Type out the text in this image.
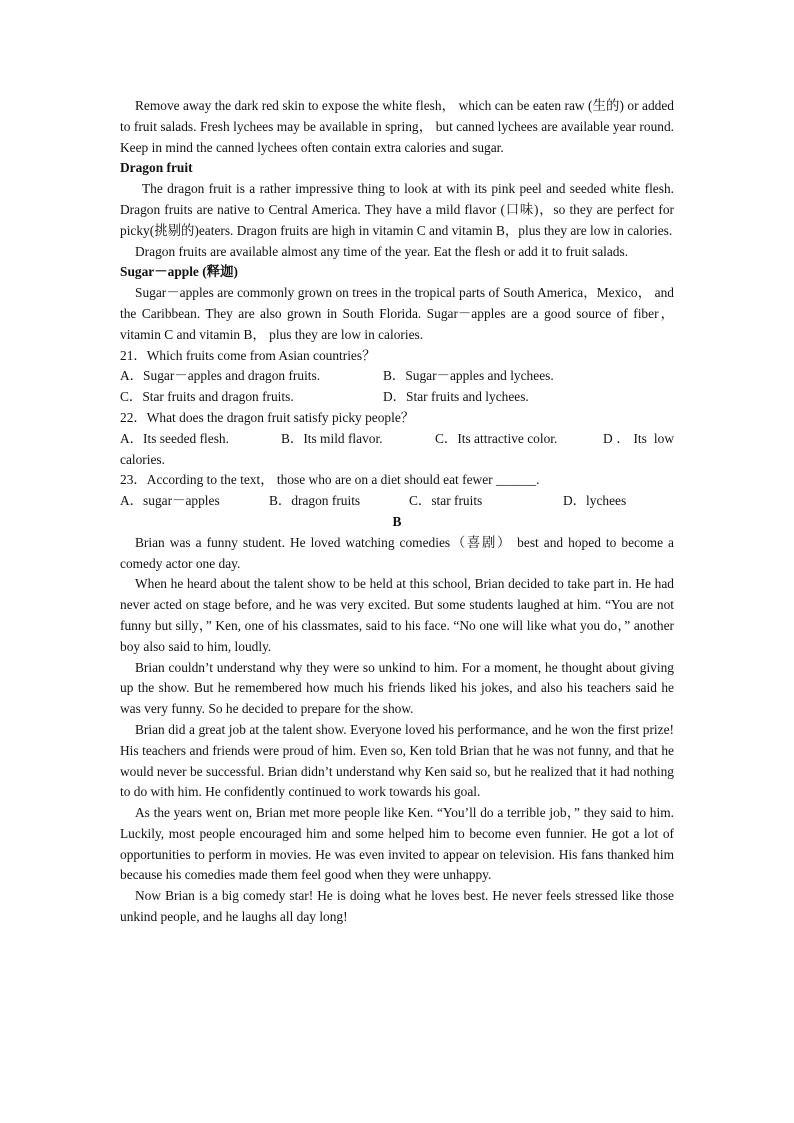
Remove away the dark red skin to expose the white flesh， which can be eaten raw (生的) or added to fruit salads. Fresh lychees may be available in spring， but canned lychees are available year round. Keep in mind the canned lychees often contain extra calories and sugar.

Dragon fruit

The dragon fruit is a rather impressive thing to look at with its pink peel and seeded white flesh. Dragon fruits are native to Central America. They have a mild flavor (口味)，so they are perfect for picky(挑剔的)eaters. Dragon fruits are high in vitamin C and vitamin B，plus they are low in calories.

Dragon fruits are available almost any time of the year. Eat the flesh or add it to fruit salads.

Sugar－apple (释迦)

Sugar－apples are commonly grown on trees in the tropical parts of South America，Mexico， and the Caribbean. They are also grown in South Florida. Sugar－apples are a good source of fiber， vitamin C and vitamin B， plus they are low in calories.

21．Which fruits come from Asian countries？

A．Sugar－apples and dragon fruits.	B．Sugar－apples and lychees.
C．Star fruits and dragon fruits.	D．Star fruits and lychees.

22．What does the dragon fruit satisfy picky people？

A．Its seeded flesh.	B．Its mild flavor.	C．Its attractive color.	D．Its low calories.

23．According to the text， those who are on a diet should eat fewer ______.

A．sugar－apples	B．dragon fruits	C．star fruits	D．lychees

B

Brian was a funny student. He loved watching comedies（喜剧） best and hoped to become a comedy actor one day.

When he heard about the talent show to be held at this school, Brian decided to take part in. He had never acted on stage before, and he was very excited. But some students laughed at him. “You are not funny but silly，” Ken, one of his classmates, said to his face. “No one will like what you do，” another boy also said to him, loudly.

Brian couldn’t understand why they were so unkind to him. For a moment, he thought about giving up the show. But he remembered how much his friends liked his jokes, and also his teachers said he was very funny. So he decided to prepare for the show.

Brian did a great job at the talent show. Everyone loved his performance, and he won the first prize! His teachers and friends were proud of him. Even so, Ken told Brian that he was not funny, and that he would never be successful. Brian didn’t understand why Ken said so, but he realized that it had nothing to do with him. He confidently continued to work towards his goal.

As the years went on, Brian met more people like Ken. “You’ll do a terrible job，” they said to him. Luckily, most people encouraged him and some helped him to become even funnier. He got a lot of opportunities to perform in movies. He was even invited to appear on television. His fans thanked him because his comedies made them feel good when they were unhappy.

Now Brian is a big comedy star! He is doing what he loves best. He never feels stressed like those unkind people, and he laughs all day long!
